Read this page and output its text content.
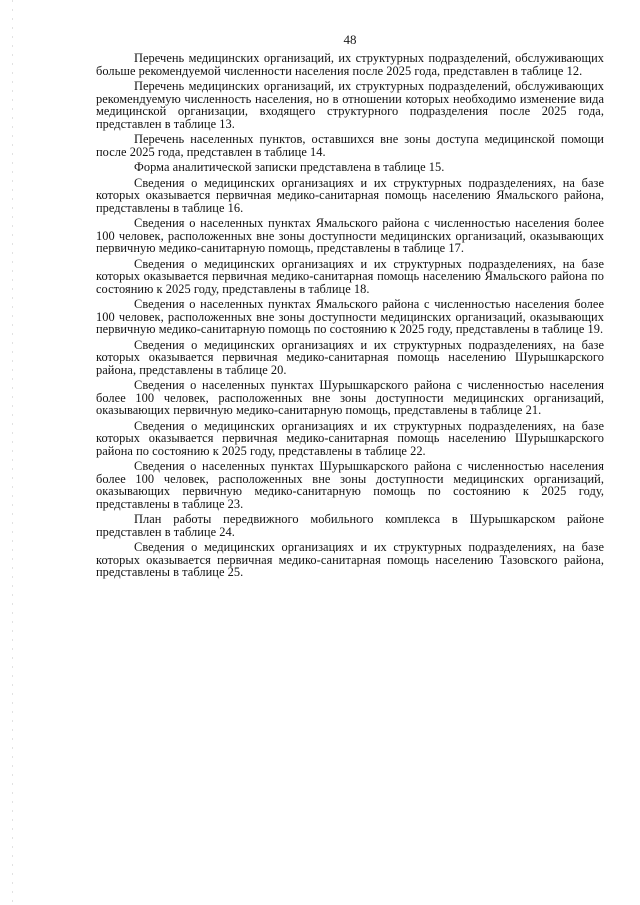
48

Перечень медицинских организаций, их структурных подразделений, обслуживающих больше рекомендуемой численности населения после 2025 года, представлен в таблице 12.

Перечень медицинских организаций, их структурных подразделений, обслуживающих рекомендуемую численность населения, но в отношении которых необходимо изменение вида медицинской организации, входящего структурного подразделения после 2025 года, представлен в таблице 13.

Перечень населенных пунктов, оставшихся вне зоны доступа медицинской помощи после 2025 года, представлен в таблице 14.

Форма аналитической записки представлена в таблице 15.

Сведения о медицинских организациях и их структурных подразделениях, на базе которых оказывается первичная медико-санитарная помощь населению Ямальского района, представлены в таблице 16.

Сведения о населенных пунктах Ямальского района с численностью населения более 100 человек, расположенных вне зоны доступности медицинских организаций, оказывающих первичную медико-санитарную помощь, представлены в таблице 17.

Сведения о медицинских организациях и их структурных подразделениях, на базе которых оказывается первичная медико-санитарная помощь населению Ямальского района по состоянию к 2025 году, представлены в таблице 18.

Сведения о населенных пунктах Ямальского района с численностью населения более 100 человек, расположенных вне зоны доступности медицинских организаций, оказывающих первичную медико-санитарную помощь по состоянию к 2025 году, представлены в таблице 19.

Сведения о медицинских организациях и их структурных подразделениях, на базе которых оказывается первичная медико-санитарная помощь населению Шурышкарского района, представлены в таблице 20.

Сведения о населенных пунктах Шурышкарского района с численностью населения более 100 человек, расположенных вне зоны доступности медицинских организаций, оказывающих первичную медико-санитарную помощь, представлены в таблице 21.

Сведения о медицинских организациях и их структурных подразделениях, на базе которых оказывается первичная медико-санитарная помощь населению Шурышкарского района по состоянию к 2025 году, представлены в таблице 22.

Сведения о населенных пунктах Шурышкарского района с численностью населения более 100 человек, расположенных вне зоны доступности медицинских организаций, оказывающих первичную медико-санитарную помощь по состоянию к 2025 году, представлены в таблице 23.

План работы передвижного мобильного комплекса в Шурышкарском районе представлен в таблице 24.

Сведения о медицинских организациях и их структурных подразделениях, на базе которых оказывается первичная медико-санитарная помощь населению Тазовского района, представлены в таблице 25.
